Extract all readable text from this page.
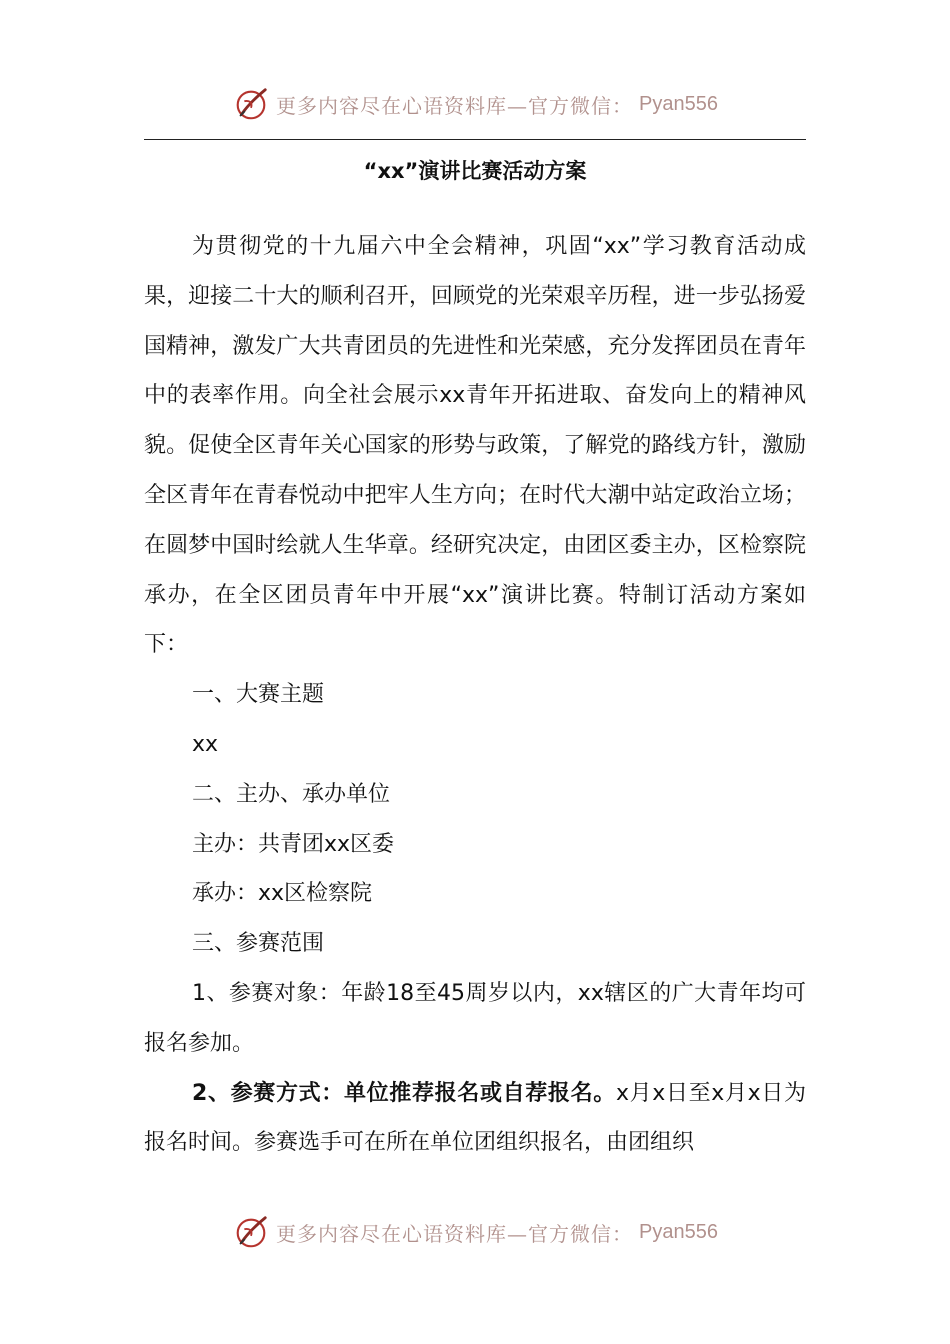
更多内容尽在心语资料库—官方微信： Pyan556
“xx”演讲比赛活动方案

为贯彻党的十九届六中全会精神，巩固“xx”学习教育活动成果，迎接二十大的顺利召开，回顾党的光荣艰辛历程，进一步弘扬爱国精神，激发广大共青团员的先进性和光荣感，充分发挥团员在青年中的表率作用。向全社会展示xx青年开拓进取、奋发向上的精神风貌。促使全区青年关心国家的形势与政策，了解党的路线方针，激励全区青年在青春悦动中把牢人生方向；在时代大潮中站定政治立场；在圆梦中国时绘就人生华章。经研究决定，由团区委主办，区检察院承办，在全区团员青年中开展“xx”演讲比赛。特制订活动方案如下：

一、大赛主题

xx

二、主办、承办单位

主办：共青团xx区委

承办：xx区检察院

三、参赛范围

1、参赛对象：年龄18至45周岁以内，xx辖区的广大青年均可报名参加。

2、参赛方式：单位推荐报名或自荐报名。x月x日至x月x日为报名时间。参赛选手可在所在单位团组织报名，由团组织

更多内容尽在心语资料库—官方微信： Pyan556
